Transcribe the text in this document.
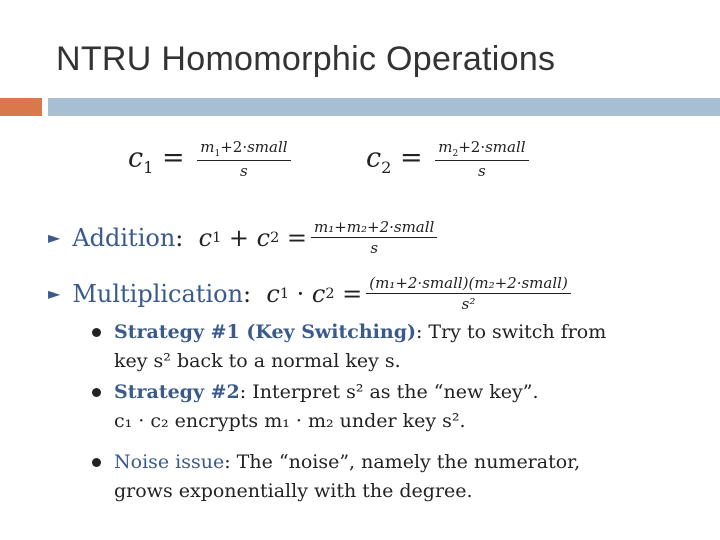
NTRU Homomorphic Operations
$c_1 = \frac{m_1+2\cdot small}{s}$	$c_2 = \frac{m_2+2\cdot small}{s}$
► Addition : c 1 + c $2 = \frac{\text{m₁+m₂+2·small}}{s}$
► Multiplication : c 1 · c $2 = \frac{\text{(m₁+2·small)(m₂+2·small)}}{\text{s²}}$
Strategy #1 (Key Switching): Try to switch from
key s² back to a normal key s.
Strategy #2: Interpret s² as the “new key”.
c₁ · c₂ encrypts m₁ · m₂ under key s².
Noise issue: The “noise”, namely the numerator,
grows exponentially with the degree.
